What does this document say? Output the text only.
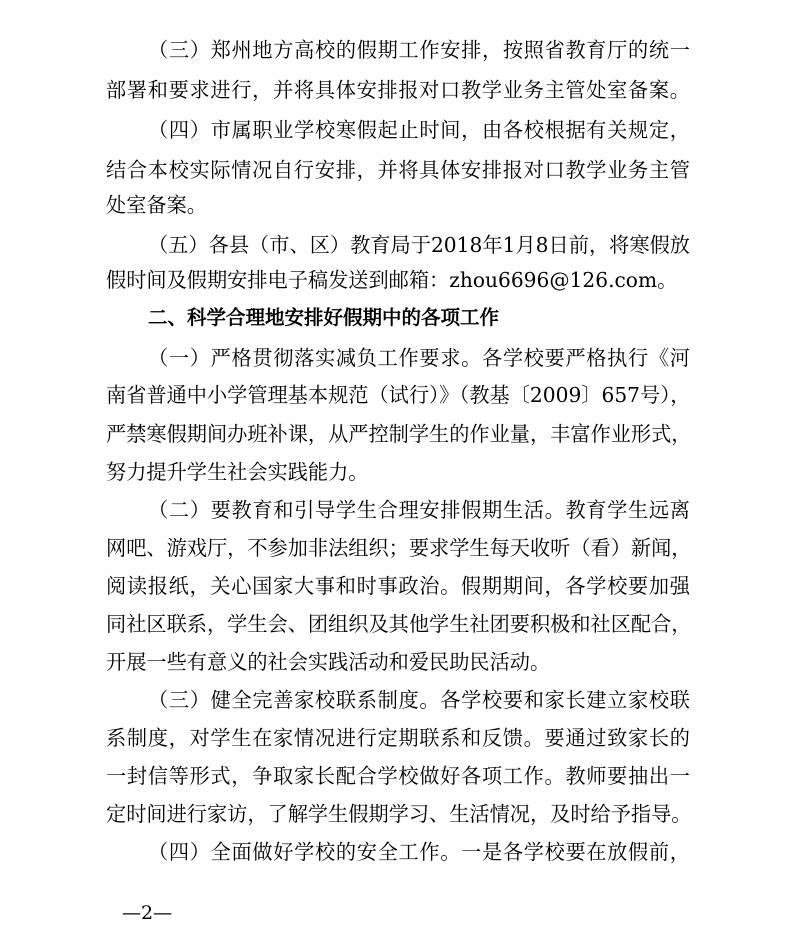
（三）郑州地方高校的假期工作安排，按照省教育厅的统一
部署和要求进行，并将具体安排报对口教学业务主管处室备案。
（四）市属职业学校寒假起止时间，由各校根据有关规定，
结合本校实际情况自行安排，并将具体安排报对口教学业务主管
处室备案。
（五）各县（市、区）教育局于2018年1月8日前，将寒假放
假时间及假期安排电子稿发送到邮箱：zhou6696@126.com。
二、科学合理地安排好假期中的各项工作
（一）严格贯彻落实减负工作要求。各学校要严格执行《河
南省普通中小学管理基本规范（试行）》（教基〔2009〕657号），
严禁寒假期间办班补课，从严控制学生的作业量，丰富作业形式，
努力提升学生社会实践能力。
（二）要教育和引导学生合理安排假期生活。教育学生远离
网吧、游戏厅，不参加非法组织；要求学生每天收听（看）新闻，
阅读报纸，关心国家大事和时事政治。假期期间，各学校要加强
同社区联系，学生会、团组织及其他学生社团要积极和社区配合，
开展一些有意义的社会实践活动和爱民助民活动。
（三）健全完善家校联系制度。各学校要和家长建立家校联
系制度，对学生在家情况进行定期联系和反馈。要通过致家长的
一封信等形式，争取家长配合学校做好各项工作。教师要抽出一
定时间进行家访，了解学生假期学习、生活情况，及时给予指导。
（四）全面做好学校的安全工作。一是各学校要在放假前，
—2—
